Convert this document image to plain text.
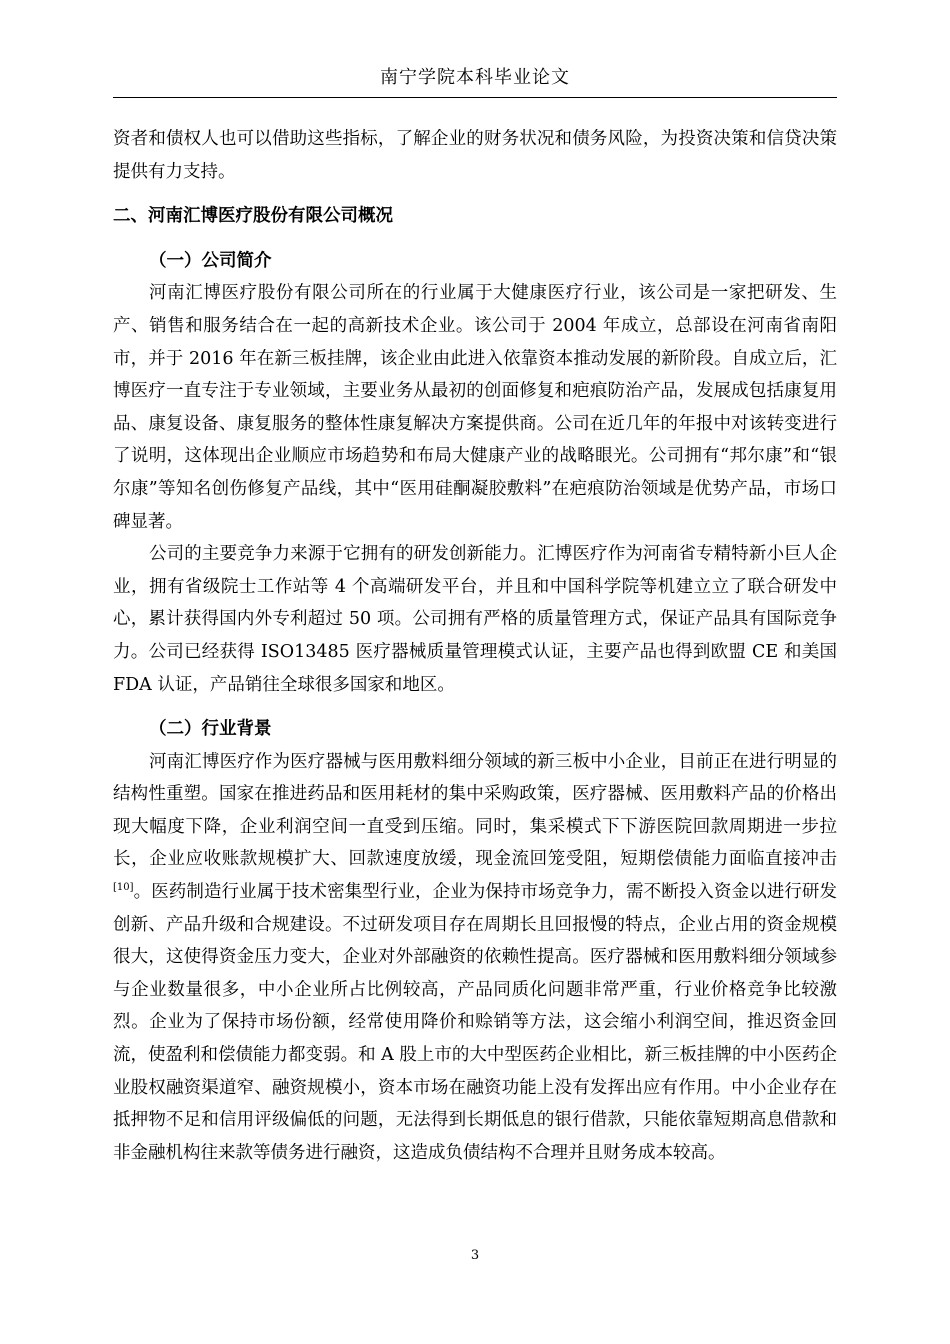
南宁学院本科毕业论文

资者和债权人也可以借助这些指标，了解企业的财务状况和债务风险，为投资决策和信贷决策提供有力支持。

二、河南汇博医疗股份有限公司概况
（一）公司简介

河南汇博医疗股份有限公司所在的行业属于大健康医疗行业，该公司是一家把研发、生产、销售和服务结合在一起的高新技术企业。该公司于 2004 年成立，总部设在河南省南阳市，并于 2016 年在新三板挂牌，该企业由此进入依靠资本推动发展的新阶段。自成立后，汇博医疗一直专注于专业领域，主要业务从最初的创面修复和疤痕防治产品，发展成包括康复用品、康复设备、康复服务的整体性康复解决方案提供商。公司在近几年的年报中对该转变进行了说明，这体现出企业顺应市场趋势和布局大健康产业的战略眼光。公司拥有“邦尔康”和“银尔康”等知名创伤修复产品线，其中“医用硅酮凝胶敷料”在疤痕防治领域是优势产品，市场口碑显著。

公司的主要竞争力来源于它拥有的研发创新能力。汇博医疗作为河南省专精特新小巨人企业，拥有省级院士工作站等 4 个高端研发平台，并且和中国科学院等机建立立了联合研发中心，累计获得国内外专利超过 50 项。公司拥有严格的质量管理方式，保证产品具有国际竞争力。公司已经获得 ISO13485 医疗器械质量管理模式认证，主要产品也得到欧盟 CE 和美国 FDA 认证，产品销往全球很多国家和地区。

（二）行业背景

河南汇博医疗作为医疗器械与医用敷料细分领域的新三板中小企业，目前正在进行明显的结构性重塑。国家在推进药品和医用耗材的集中采购政策，医疗器械、医用敷料产品的价格出现大幅度下降，企业利润空间一直受到压缩。同时，集采模式下下游医院回款周期进一步拉长，企业应收账款规模扩大、回款速度放缓，现金流回笼受阻，短期偿债能力面临直接冲击[10]。医药制造行业属于技术密集型行业，企业为保持市场竞争力，需不断投入资金以进行研发创新、产品升级和合规建设。不过研发项目存在周期长且回报慢的特点，企业占用的资金规模很大，这使得资金压力变大，企业对外部融资的依赖性提高。医疗器械和医用敷料细分领域参与企业数量很多，中小企业所占比例较高，产品同质化问题非常严重，行业价格竞争比较激烈。企业为了保持市场份额，经常使用降价和赊销等方法，这会缩小利润空间，推迟资金回流，使盈利和偿债能力都变弱。和 A 股上市的大中型医药企业相比，新三板挂牌的中小医药企业股权融资渠道窄、融资规模小，资本市场在融资功能上没有发挥出应有作用。中小企业存在抵押物不足和信用评级偏低的问题，无法得到长期低息的银行借款，只能依靠短期高息借款和非金融机构往来款等债务进行融资，这造成负债结构不合理并且财务成本较高。

3
